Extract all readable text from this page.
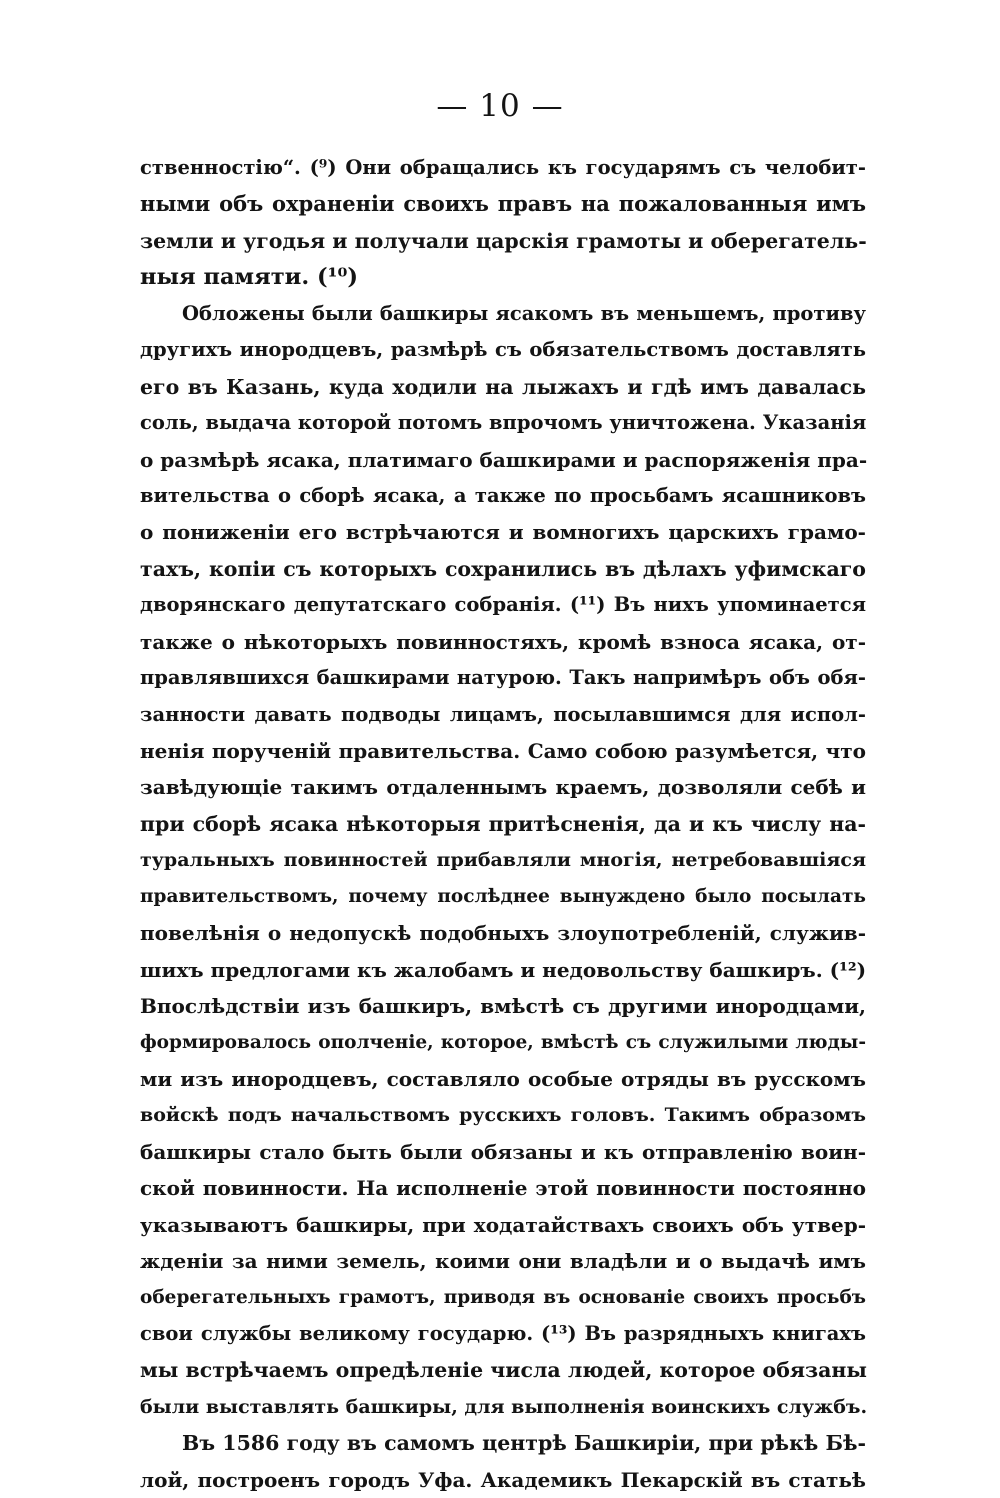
— 10 —
ственностію“. (⁹) Они обращались къ государямъ съ челобит-
ными объ охраненіи своихъ правъ на пожалованныя имъ
земли и угодья и получали царскія грамоты и оберегатель-
ныя памяти. (¹⁰)
Обложены были башкиры ясакомъ въ меньшемъ, противу
другихъ инородцевъ, размѣрѣ съ обязательствомъ доставлять
его въ Казань, куда ходили на лыжахъ и гдѣ имъ давалась
соль, выдача которой потомъ впрочомъ уничтожена. Указанія
о размѣрѣ ясака, платимаго башкирами и распоряженія пра-
вительства о сборѣ ясака, а также по просьбамъ ясашниковъ
о пониженіи его встрѣчаются и вомногихъ царскихъ грамо-
тахъ, копіи съ которыхъ сохранились въ дѣлахъ уфимскаго
дворянскаго депутатскаго собранія. (¹¹) Въ нихъ упоминается
также о нѣкоторыхъ повинностяхъ, кромѣ взноса ясака, от-
правлявшихся башкирами натурою. Такъ напримѣръ объ обя-
занности давать подводы лицамъ, посылавшимся для испол-
ненія порученій правительства. Само собою разумѣется, что
завѣдующіе такимъ отдаленнымъ краемъ, дозволяли себѣ и
при сборѣ ясака нѣкоторыя притѣсненія, да и къ числу на-
туральныхъ повинностей прибавляли многія, нетребовавшіяся
правительствомъ, почему послѣднее вынуждено было посылать
повелѣнія о недопускѣ подобныхъ злоупотребленій, служив-
шихъ предлогами къ жалобамъ и недовольству башкиръ. (¹²)
Впослѣдствіи изъ башкиръ, вмѣстѣ съ другими инородцами,
формировалось ополченіе, которое, вмѣстѣ съ служилыми люды-
ми изъ инородцевъ, составляло особые отряды въ русскомъ
войскѣ подъ начальствомъ русскихъ головъ. Такимъ образомъ
башкиры стало быть были обязаны и къ отправленію воин-
ской повинности. На исполненіе этой повинности постоянно
указываютъ башкиры, при ходатайствахъ своихъ объ утвер-
жденіи за ними земель, коими они владѣли и о выдачѣ имъ
оберегательныхъ грамотъ, приводя въ основаніе своихъ просьбъ
свои службы великому государю. (¹³) Въ разрядныхъ книгахъ
мы встрѣчаемъ опредѣленіе числа людей, которое обязаны
были выставлять башкиры, для выполненія воинскихъ службъ.
Въ 1586 году въ самомъ центрѣ Башкиріи, при рѣкѣ Бѣ-
лой, построенъ городъ Уфа. Академикъ Пекарскій въ статьѣ
